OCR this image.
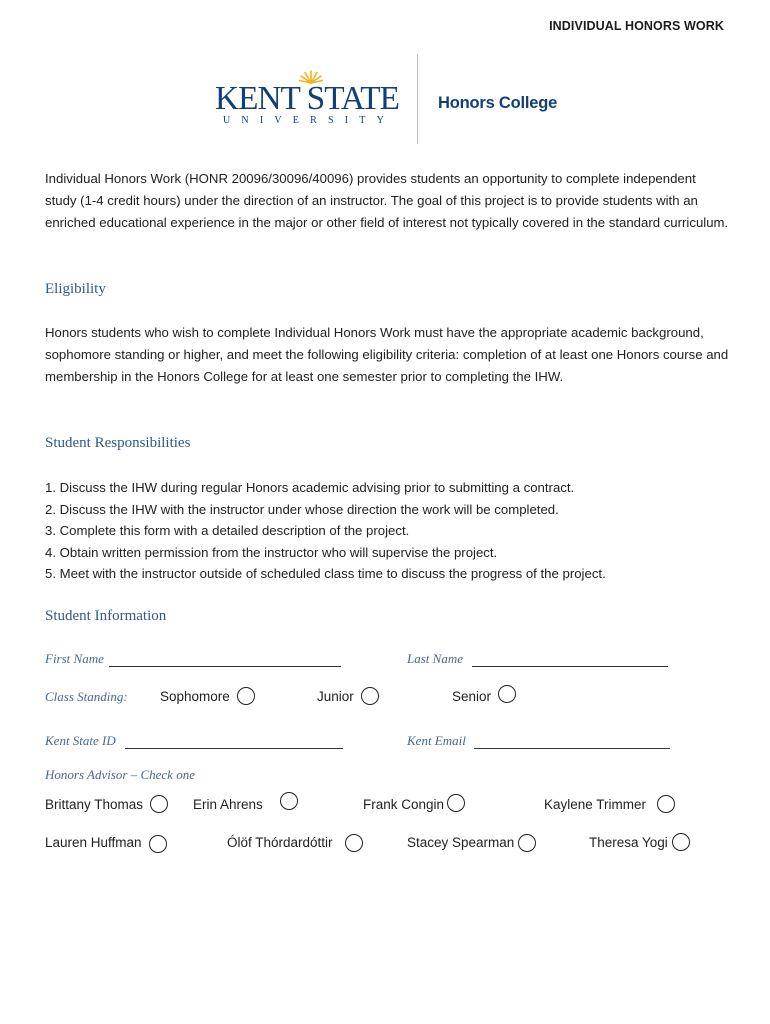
INDIVIDUAL HONORS WORK
KENT STATE
UNIVERSITY
Honors College
Individual Honors Work (HONR 20096/30096/40096) provides students an opportunity to complete independent study (1-4 credit hours) under the direction of an instructor. The goal of this project is to provide students with an enriched educational experience in the major or other field of interest not typically covered in the standard curriculum.
Eligibility
Honors students who wish to complete Individual Honors Work must have the appropriate academic background, sophomore standing or higher, and meet the following eligibility criteria: completion of at least one Honors course and membership in the Honors College for at least one semester prior to completing the IHW.
Student Responsibilities
1. Discuss the IHW during regular Honors academic advising prior to submitting a contract.
2. Discuss the IHW with the instructor under whose direction the work will be completed.
3. Complete this form with a detailed description of the project.
4. Obtain written permission from the instructor who will supervise the project.
5. Meet with the instructor outside of scheduled class time to discuss the progress of the project.
Student Information
First Name	Last Name
Class Standing: Sophomore	Junior	Senior
Kent State ID	Kent Email
Honors Advisor – Check one
Brittany Thomas	Erin Ahrens	Frank Congin	Kaylene Trimmer
Lauren Huffman	Ólöf Thórdardóttir	Stacey Spearman	Theresa Yogi
